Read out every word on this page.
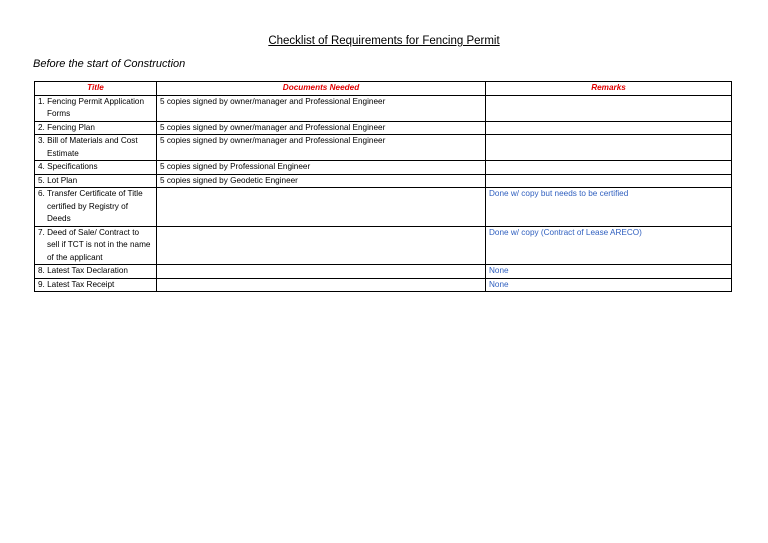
Checklist of Requirements for Fencing Permit
Before the start of Construction
Title	Documents Needed	Remarks
1. Fencing Permit Application Forms	5 copies signed by owner/manager and Professional Engineer	
2. Fencing Plan	5 copies signed by owner/manager and Professional Engineer	
3. Bill of Materials and Cost Estimate	5 copies signed by owner/manager and Professional Engineer	
4. Specifications	5 copies signed by Professional Engineer	
5. Lot Plan	5 copies signed by Geodetic Engineer	
6. Transfer Certificate of Title certified by Registry of Deeds		Done w/ copy but needs to be certified
7. Deed of Sale/ Contract to sell if TCT is not in the name of the applicant		Done w/ copy (Contract of Lease ARECO)
8. Latest Tax Declaration		None
9. Latest Tax Receipt		None
